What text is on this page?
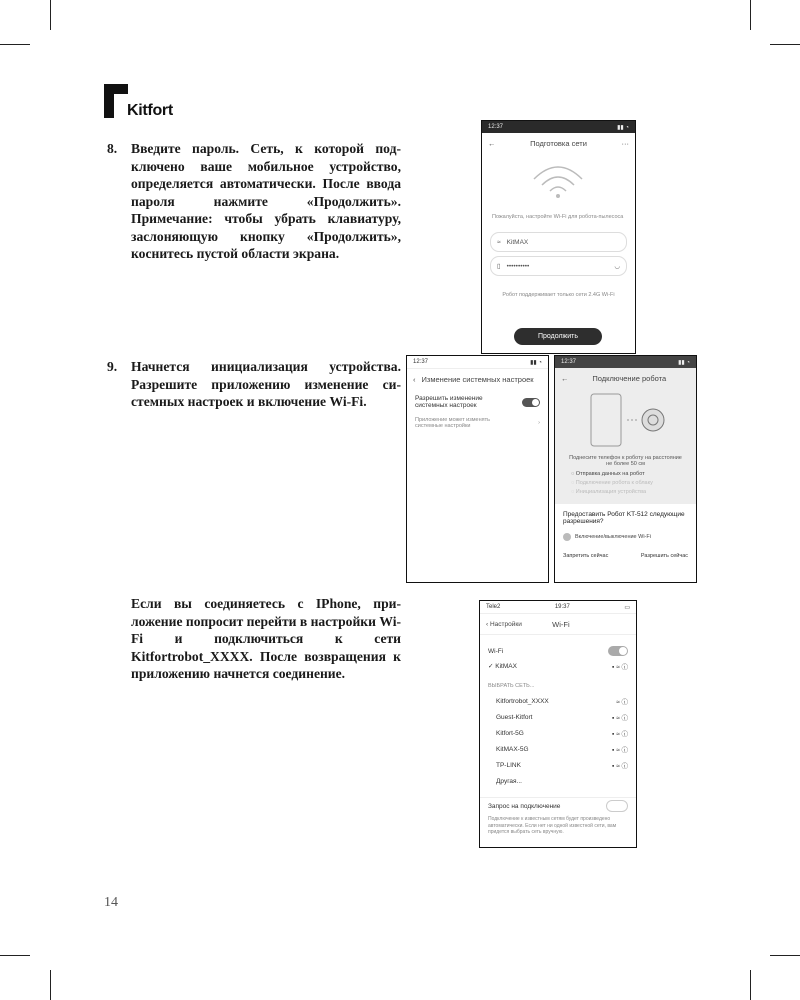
Kitfort
8. Введите пароль. Сеть, к которой подключено ваше мобильное устройство, определяется автоматически. После ввода пароля нажмите «Продолжить». Примечание: чтобы убрать клавиатуру, заслоняющую кнопку «Продолжить», коснитесь пустой области экрана.
9. Начнется инициализация устройства. Разрешите приложению изменение системных настроек и включение Wi-Fi.
Если вы соединяетесь с IPhone, приложение попросит перейти в настройки Wi-Fi и подключиться к сети Kitfortrobot_XXXX. После возвращения к приложению начнется соединение.
12:37	▮▮ ◔
←	Подготовка сети	···
Пожалуйста, настройте Wi-Fi для робота-пылесоса
≈ KitMAX
▯ ••••••••••	◡
Робот поддерживает только сети 2.4G Wi-Fi
Продолжить
12:37	▮▮ ◔
‹ Изменение системных настроек
Разрешить изменение системных настроек
Приложение может изменять системные настройки	›
12:37	▮▮ ◔
←	Подключение робота
Поднесите телефон к роботу на расстояние не более 50 см
◌ Отправка данных на робот
◌ Подключение робота к облаку
◌ Инициализация устройства
Предоставить Робот KT-512 следующие разрешения?
Включение/выключение Wi-Fi
Запретить сейчас	Разрешить сейчас
Tele2	19:37	▭
‹ Настройки	Wi-Fi
Wi-Fi
✓ KitMAX	▪ ≈ ⓘ
ВЫБРАТЬ СЕТЬ...
Kitfortrobot_XXXX	≈ ⓘ
Guest-Kitfort	▪ ≈ ⓘ
Kitfort-5G	▪ ≈ ⓘ
KitMAX-5G	▪ ≈ ⓘ
TP-LINK	▪ ≈ ⓘ
Другая...
Запрос на подключение
Подключение к известным сетям будет произведено автоматически. Если нет ни одной известной сети, вам придется выбрать сеть вручную.
14
